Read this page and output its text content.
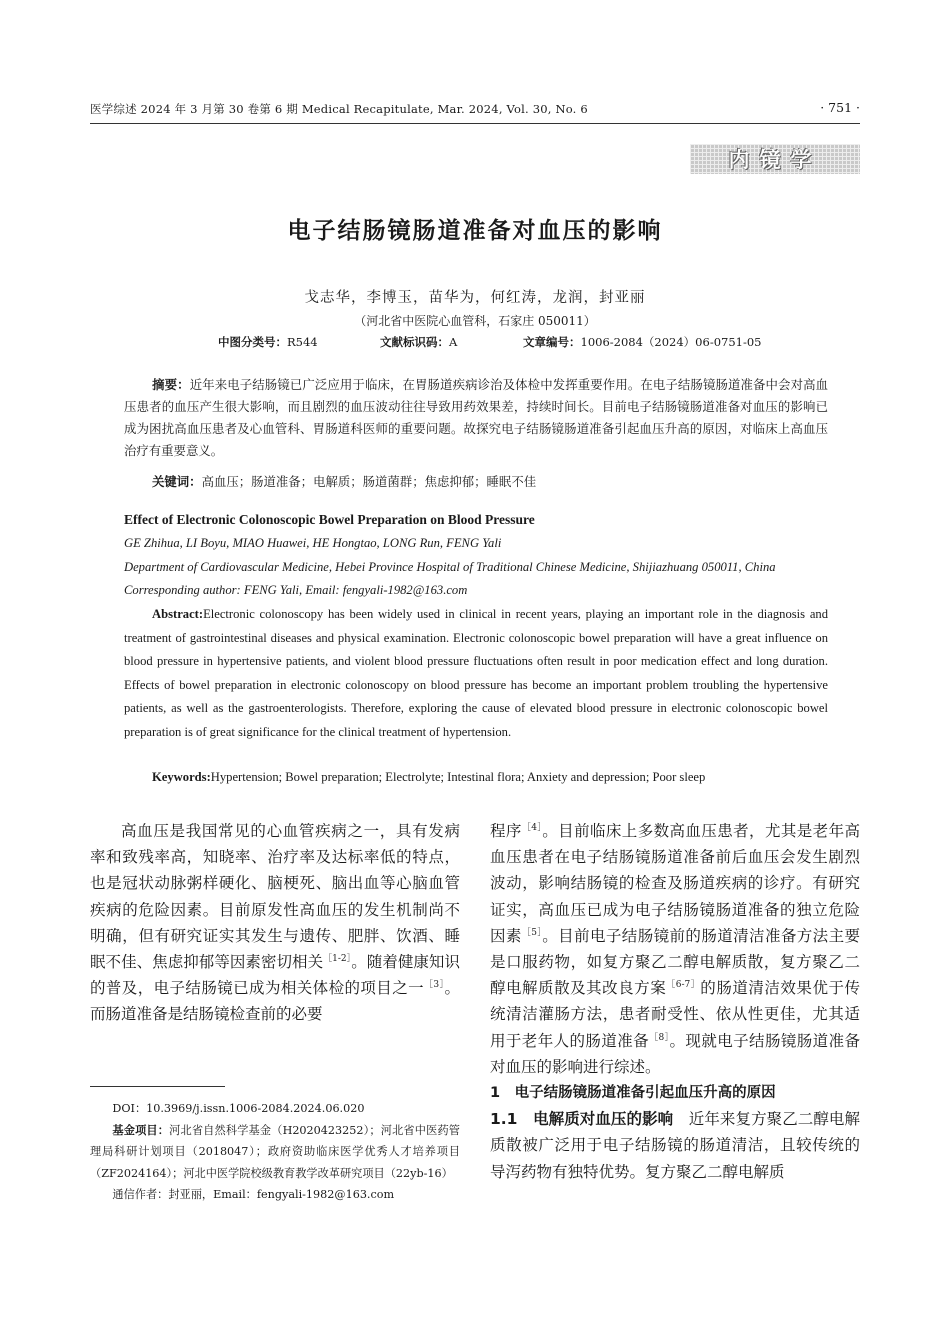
医学综述 2024 年 3 月第 30 卷第 6 期 Medical Recapitulate, Mar. 2024, Vol. 30, No. 6	· 751 ·
内镜学
电子结肠镜肠道准备对血压的影响
戈志华，李博玉，苗华为，何红涛，龙润，封亚丽
（河北省中医院心血管科，石家庄 050011）
中图分类号：R544	文献标识码：A	文章编号：1006-2084（2024）06-0751-05
摘要：近年来电子结肠镜已广泛应用于临床，在胃肠道疾病诊治及体检中发挥重要作用。在电子结肠镜肠道准备中会对高血压患者的血压产生很大影响，而且剧烈的血压波动往往导致用药效果差，持续时间长。目前电子结肠镜肠道准备对血压的影响已成为困扰高血压患者及心血管科、胃肠道科医师的重要问题。故探究电子结肠镜肠道准备引起血压升高的原因，对临床上高血压治疗有重要意义。
关键词：高血压；肠道准备；电解质；肠道菌群；焦虑抑郁；睡眠不佳
Effect of Electronic Colonoscopic Bowel Preparation on Blood Pressure
GE Zhihua, LI Boyu, MIAO Huawei, HE Hongtao, LONG Run, FENG Yali
Department of Cardiovascular Medicine, Hebei Province Hospital of Traditional Chinese Medicine, Shijiazhuang 050011, China
Corresponding author: FENG Yali, Email: fengyali-1982@163.com
Abstract:Electronic colonoscopy has been widely used in clinical in recent years, playing an important role in the diagnosis and treatment of gastrointestinal diseases and physical examination. Electronic colonoscopic bowel preparation will have a great influence on blood pressure in hypertensive patients, and violent blood pressure fluctuations often result in poor medication effect and long duration. Effects of bowel preparation in electronic colonoscopy on blood pressure has become an important problem troubling the hypertensive patients, as well as the gastroenterologists. Therefore, exploring the cause of elevated blood pressure in electronic colonoscopic bowel preparation is of great significance for the clinical treatment of hypertension.
Keywords:Hypertension; Bowel preparation; Electrolyte; Intestinal flora; Anxiety and depression; Poor sleep

高血压是我国常见的心血管疾病之一，具有发病率和致残率高，知晓率、治疗率及达标率低的特点，也是冠状动脉粥样硬化、脑梗死、脑出血等心脑血管疾病的危险因素。目前原发性高血压的发生机制尚不明确，但有研究证实其发生与遗传、肥胖、饮酒、睡眠不佳、焦虑抑郁等因素密切相关$^{[1-2]}$。随着健康知识的普及，电子结肠镜已成为相关体检的项目之一$^{[3]}$。而肠道准备是结肠镜检查前的必要

DOI：10.3969/j.issn.1006-2084.2024.06.020
基金项目：河北省自然科学基金（H2020423252）；河北省中医药管理局科研计划项目（2018047）；政府资助临床医学优秀人才培养项目（ZF2024164）；河北中医学院校级教育教学改革研究项目（22yb-16）
通信作者：封亚丽，Email：fengyali-1982@163.com

程序$^{[4]}$。目前临床上多数高血压患者，尤其是老年高血压患者在电子结肠镜肠道准备前后血压会发生剧烈波动，影响结肠镜的检查及肠道疾病的诊疗。有研究证实，高血压已成为电子结肠镜肠道准备的独立危险因素$^{[5]}$。目前电子结肠镜前的肠道清洁准备方法主要是口服药物，如复方聚乙二醇电解质散，复方聚乙二醇电解质散及其改良方案$^{[6-7]}$的肠道清洁效果优于传统清洁灌肠方法，患者耐受性、依从性更佳，尤其适用于老年人的肠道准备$^{[8]}$。现就电子结肠镜肠道准备对血压的影响进行综述。

1　电子结肠镜肠道准备引起血压升高的原因

1.1　电解质对血压的影响　 近年来复方聚乙二醇电解质散被广泛用于电子结肠镜的肠道清洁，且较传统的导泻药物有独特优势。复方聚乙二醇电解质
